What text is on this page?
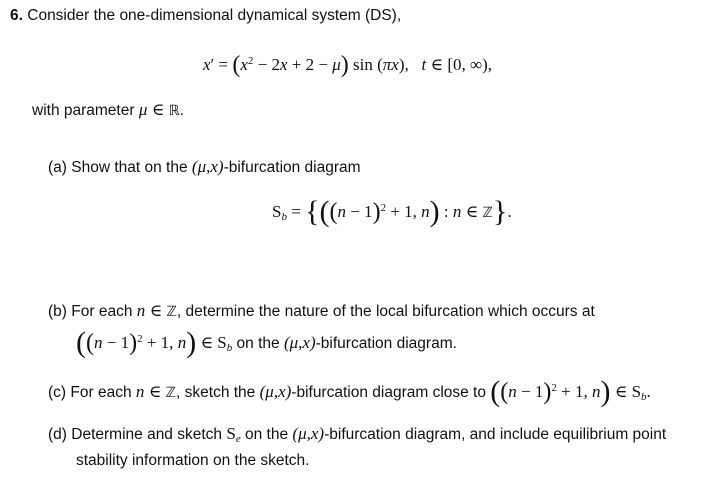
6. Consider the one-dimensional dynamical system (DS),
$x' = (x^2 - 2x + 2 - \mu)$ sin (πx),   t ∈ [0, ∞),
with parameter μ ∈ ℝ.
(a) Show that on the (μ,x)-bifurcation diagram
$S_b = \{((n - 1)^2 + 1$, n) : n ∈ ℤ}.
(b) For each n ∈ ℤ, determine the nature of the local bifurcation which occurs at
($(n - 1)^2 + 1$, n) ∈ $S_b$ on the (μ,x)-bifurcation diagram.
(c) For each n ∈ ℤ, sketch the (μ,x)-bifurcation diagram close to ($(n - 1)^2 + 1$, n) ∈ $S_b$.
(d) Determine and sketch $S_e$ on the (μ,x)-bifurcation diagram, and include equilibrium point
stability information on the sketch.
